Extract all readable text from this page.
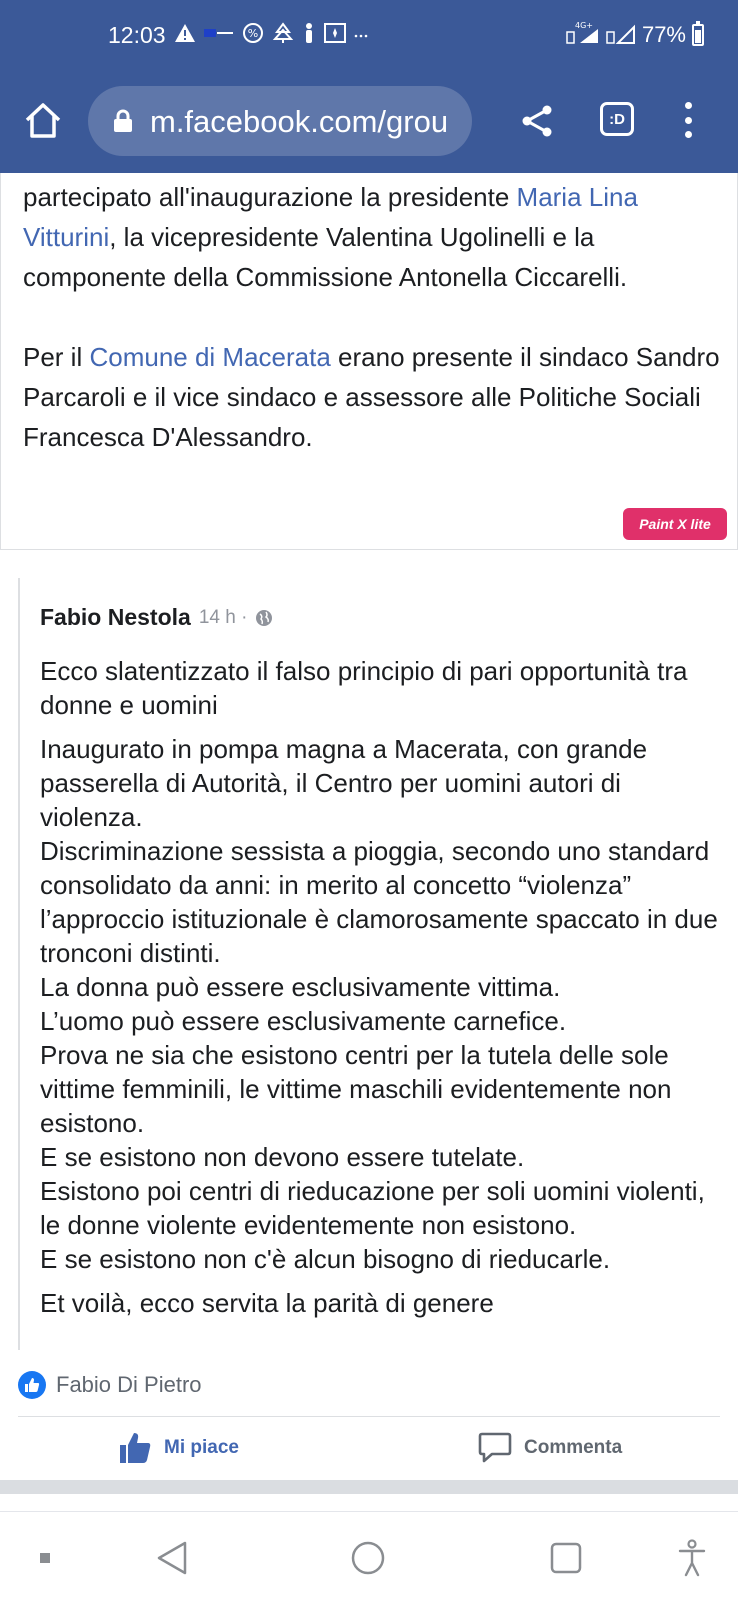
12:03	%
4G+ 77%
m.facebook.com/grou	:D

partecipato all'inaugurazione la presidente Maria Lina Vitturini, la vicepresidente Valentina Ugolinelli e la componente della Commissione Antonella Ciccarelli.

Per il Comune di Macerata erano presente il sindaco Sandro Parcaroli e il vice sindaco e assessore alle Politiche Sociali Francesca D'Alessandro.

Paint X lite
Fabio Nestola 14 h ·

Ecco slatentizzato il falso principio di pari opportunità tra donne e uomini

Inaugurato in pompa magna a Macerata, con grande passerella di Autorità, il Centro per uomini autori di violenza.

Discriminazione sessista a pioggia, secondo uno standard consolidato da anni: in merito al concetto “violenza” l’approccio istituzionale è clamorosamente spaccato in due tronconi distinti.

La donna può essere esclusivamente vittima.

L’uomo può essere esclusivamente carnefice.

Prova ne sia che esistono centri per la tutela delle sole vittime femminili, le vittime maschili evidentemente non esistono.

E se esistono non devono essere tutelate.

Esistono poi centri di rieducazione per soli uomini violenti, le donne violente evidentemente non esistono.

E se esistono non c'è alcun bisogno di rieducarle.

Et voilà, ecco servita la parità di genere

Fabio Di Pietro
Mi piace	Commenta
